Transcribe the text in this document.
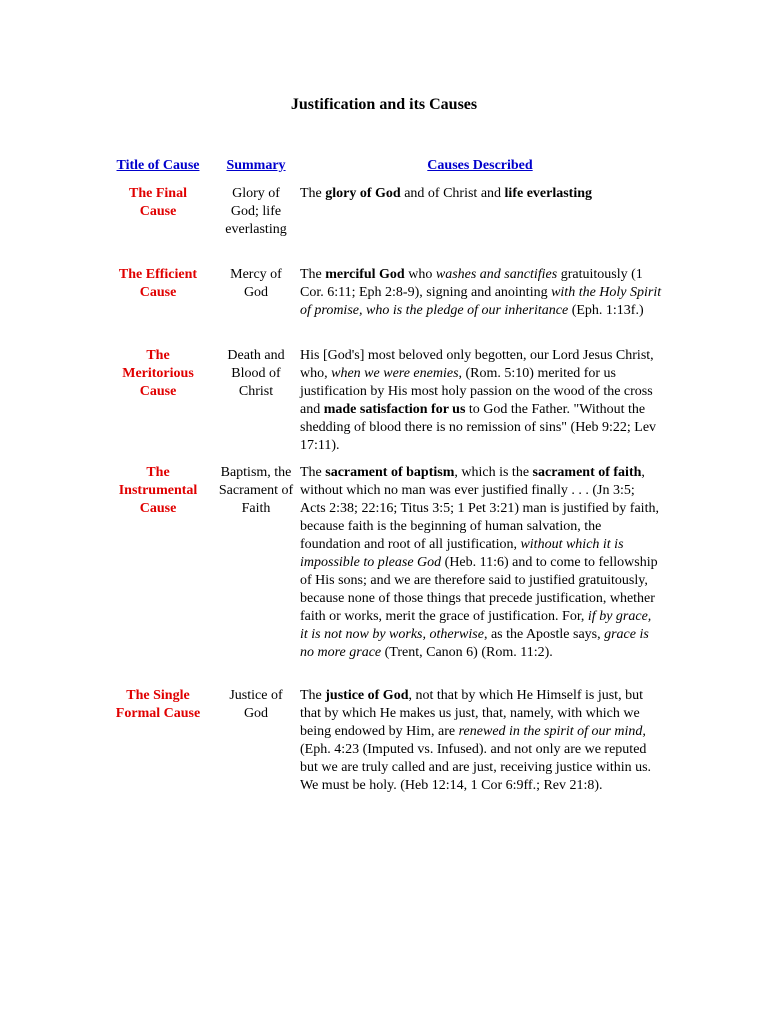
Justification and its Causes
Title of Cause	Summary	Causes Described
The Final Cause
Glory of God; life everlasting
The glory of God and of Christ and life everlasting
The Efficient Cause
Mercy of God
The merciful God who washes and sanctifies gratuitously (1 Cor. 6:11; Eph 2:8-9), signing and anointing with the Holy Spirit of promise, who is the pledge of our inheritance (Eph. 1:13f.)
The Meritorious Cause
Death and Blood of Christ
His [God's] most beloved only begotten, our Lord Jesus Christ, who, when we were enemies, (Rom. 5:10) merited for us justification by His most holy passion on the wood of the cross and made satisfaction for us to God the Father. "Without the shedding of blood there is no remission of sins" (Heb 9:22; Lev 17:11).
The Instrumental Cause
Baptism, the Sacrament of Faith
The sacrament of baptism, which is the sacrament of faith, without which no man was ever justified finally . . . (Jn 3:5; Acts 2:38; 22:16; Titus 3:5; 1 Pet 3:21) man is justified by faith, because faith is the beginning of human salvation, the foundation and root of all justification, without which it is impossible to please God (Heb. 11:6) and to come to fellowship of His sons; and we are therefore said to justified gratuitously, because none of those things that precede justification, whether faith or works, merit the grace of justification. For, if by grace, it is not now by works, otherwise, as the Apostle says, grace is no more grace (Trent, Canon 6) (Rom. 11:2).
The Single Formal Cause
Justice of God
The justice of God, not that by which He Himself is just, but that by which He makes us just, that, namely, with which we being endowed by Him, are renewed in the spirit of our mind, (Eph. 4:23 (Imputed vs. Infused). and not only are we reputed but we are truly called and are just, receiving justice within us. We must be holy. (Heb 12:14, 1 Cor 6:9ff.; Rev 21:8).
